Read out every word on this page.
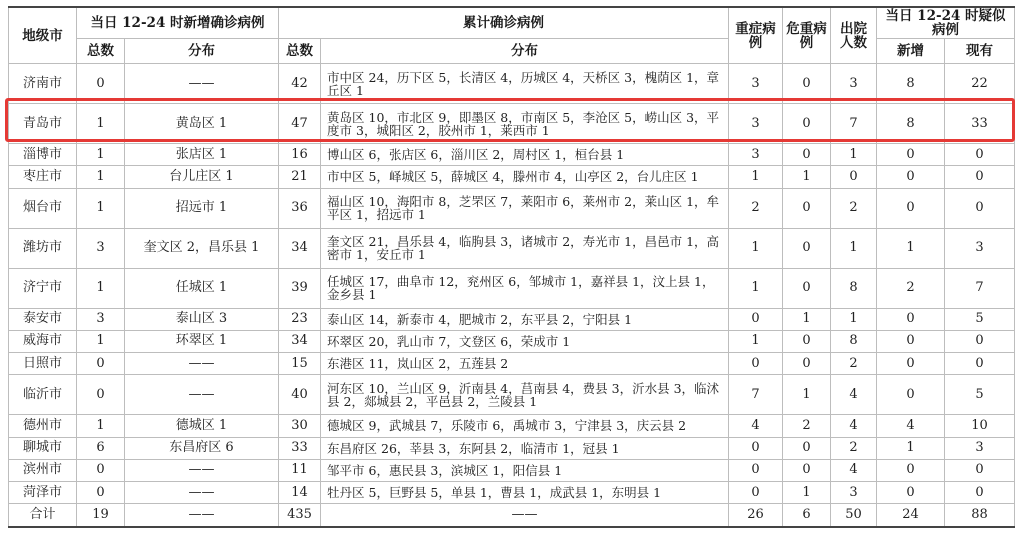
地级市	当日 12-24 时新增确诊病例		累计确诊病例		重症病例	危重病例	出院人数	当日 12-24 时疑似病例	
	总数	分布	总数	分布				新增	现有
济南市	0	——	42	市中区 24，历下区 5，长清区 4，历城区 4，天桥区 3，槐荫区 1，章丘区 1	3	0	3	8	22
青岛市	1	黄岛区 1	47	黄岛区 10，市北区 9，即墨区 8，市南区 5，李沧区 5，崂山区 3，平度市 3，城阳区 2，胶州市 1，莱西市 1	3	0	7	8	33
淄博市	1	张店区 1	16	博山区 6，张店区 6，淄川区 2，周村区 1，桓台县 1	3	0	1	0	0
枣庄市	1	台儿庄区 1	21	市中区 5，峄城区 5，薛城区 4，滕州市 4，山亭区 2，台儿庄区 1	1	1	0	0	0
烟台市	1	招远市 1	36	福山区 10，海阳市 8，芝罘区 7，莱阳市 6，莱州市 2，莱山区 1，牟平区 1，招远市 1	2	0	2	0	0
潍坊市	3	奎文区 2，昌乐县 1	34	奎文区 21，昌乐县 4，临朐县 3，诸城市 2，寿光市 1，昌邑市 1，高密市 1，安丘市 1	1	0	1	1	3
济宁市	1	任城区 1	39	任城区 17，曲阜市 12，兖州区 6，邹城市 1，嘉祥县 1，汶上县 1，金乡县 1	1	0	8	2	7
泰安市	3	泰山区 3	23	泰山区 14，新泰市 4，肥城市 2，东平县 2，宁阳县 1	0	1	1	0	5
威海市	1	环翠区 1	34	环翠区 20，乳山市 7，文登区 6，荣成市 1	1	0	8	0	0
日照市	0	——	15	东港区 11，岚山区 2，五莲县 2	0	0	2	0	0
临沂市	0	——	40	河东区 10，兰山区 9，沂南县 4，莒南县 4，费县 3，沂水县 3，临沭县 2，郯城县 2，平邑县 2，兰陵县 1	7	1	4	0	5
德州市	1	德城区 1	30	德城区 9，武城县 7，乐陵市 6，禹城市 3，宁津县 3，庆云县 2	4	2	4	4	10
聊城市	6	东昌府区 6	33	东昌府区 26，莘县 3，东阿县 2，临清市 1，冠县 1	0	0	2	1	3
滨州市	0	——	11	邹平市 6，惠民县 3，滨城区 1，阳信县 1	0	0	4	0	0
菏泽市	0	——	14	牡丹区 5，巨野县 5，单县 1，曹县 1，成武县 1，东明县 1	0	1	3	0	0
合计	19	——	435	——	26	6	50	24	88
